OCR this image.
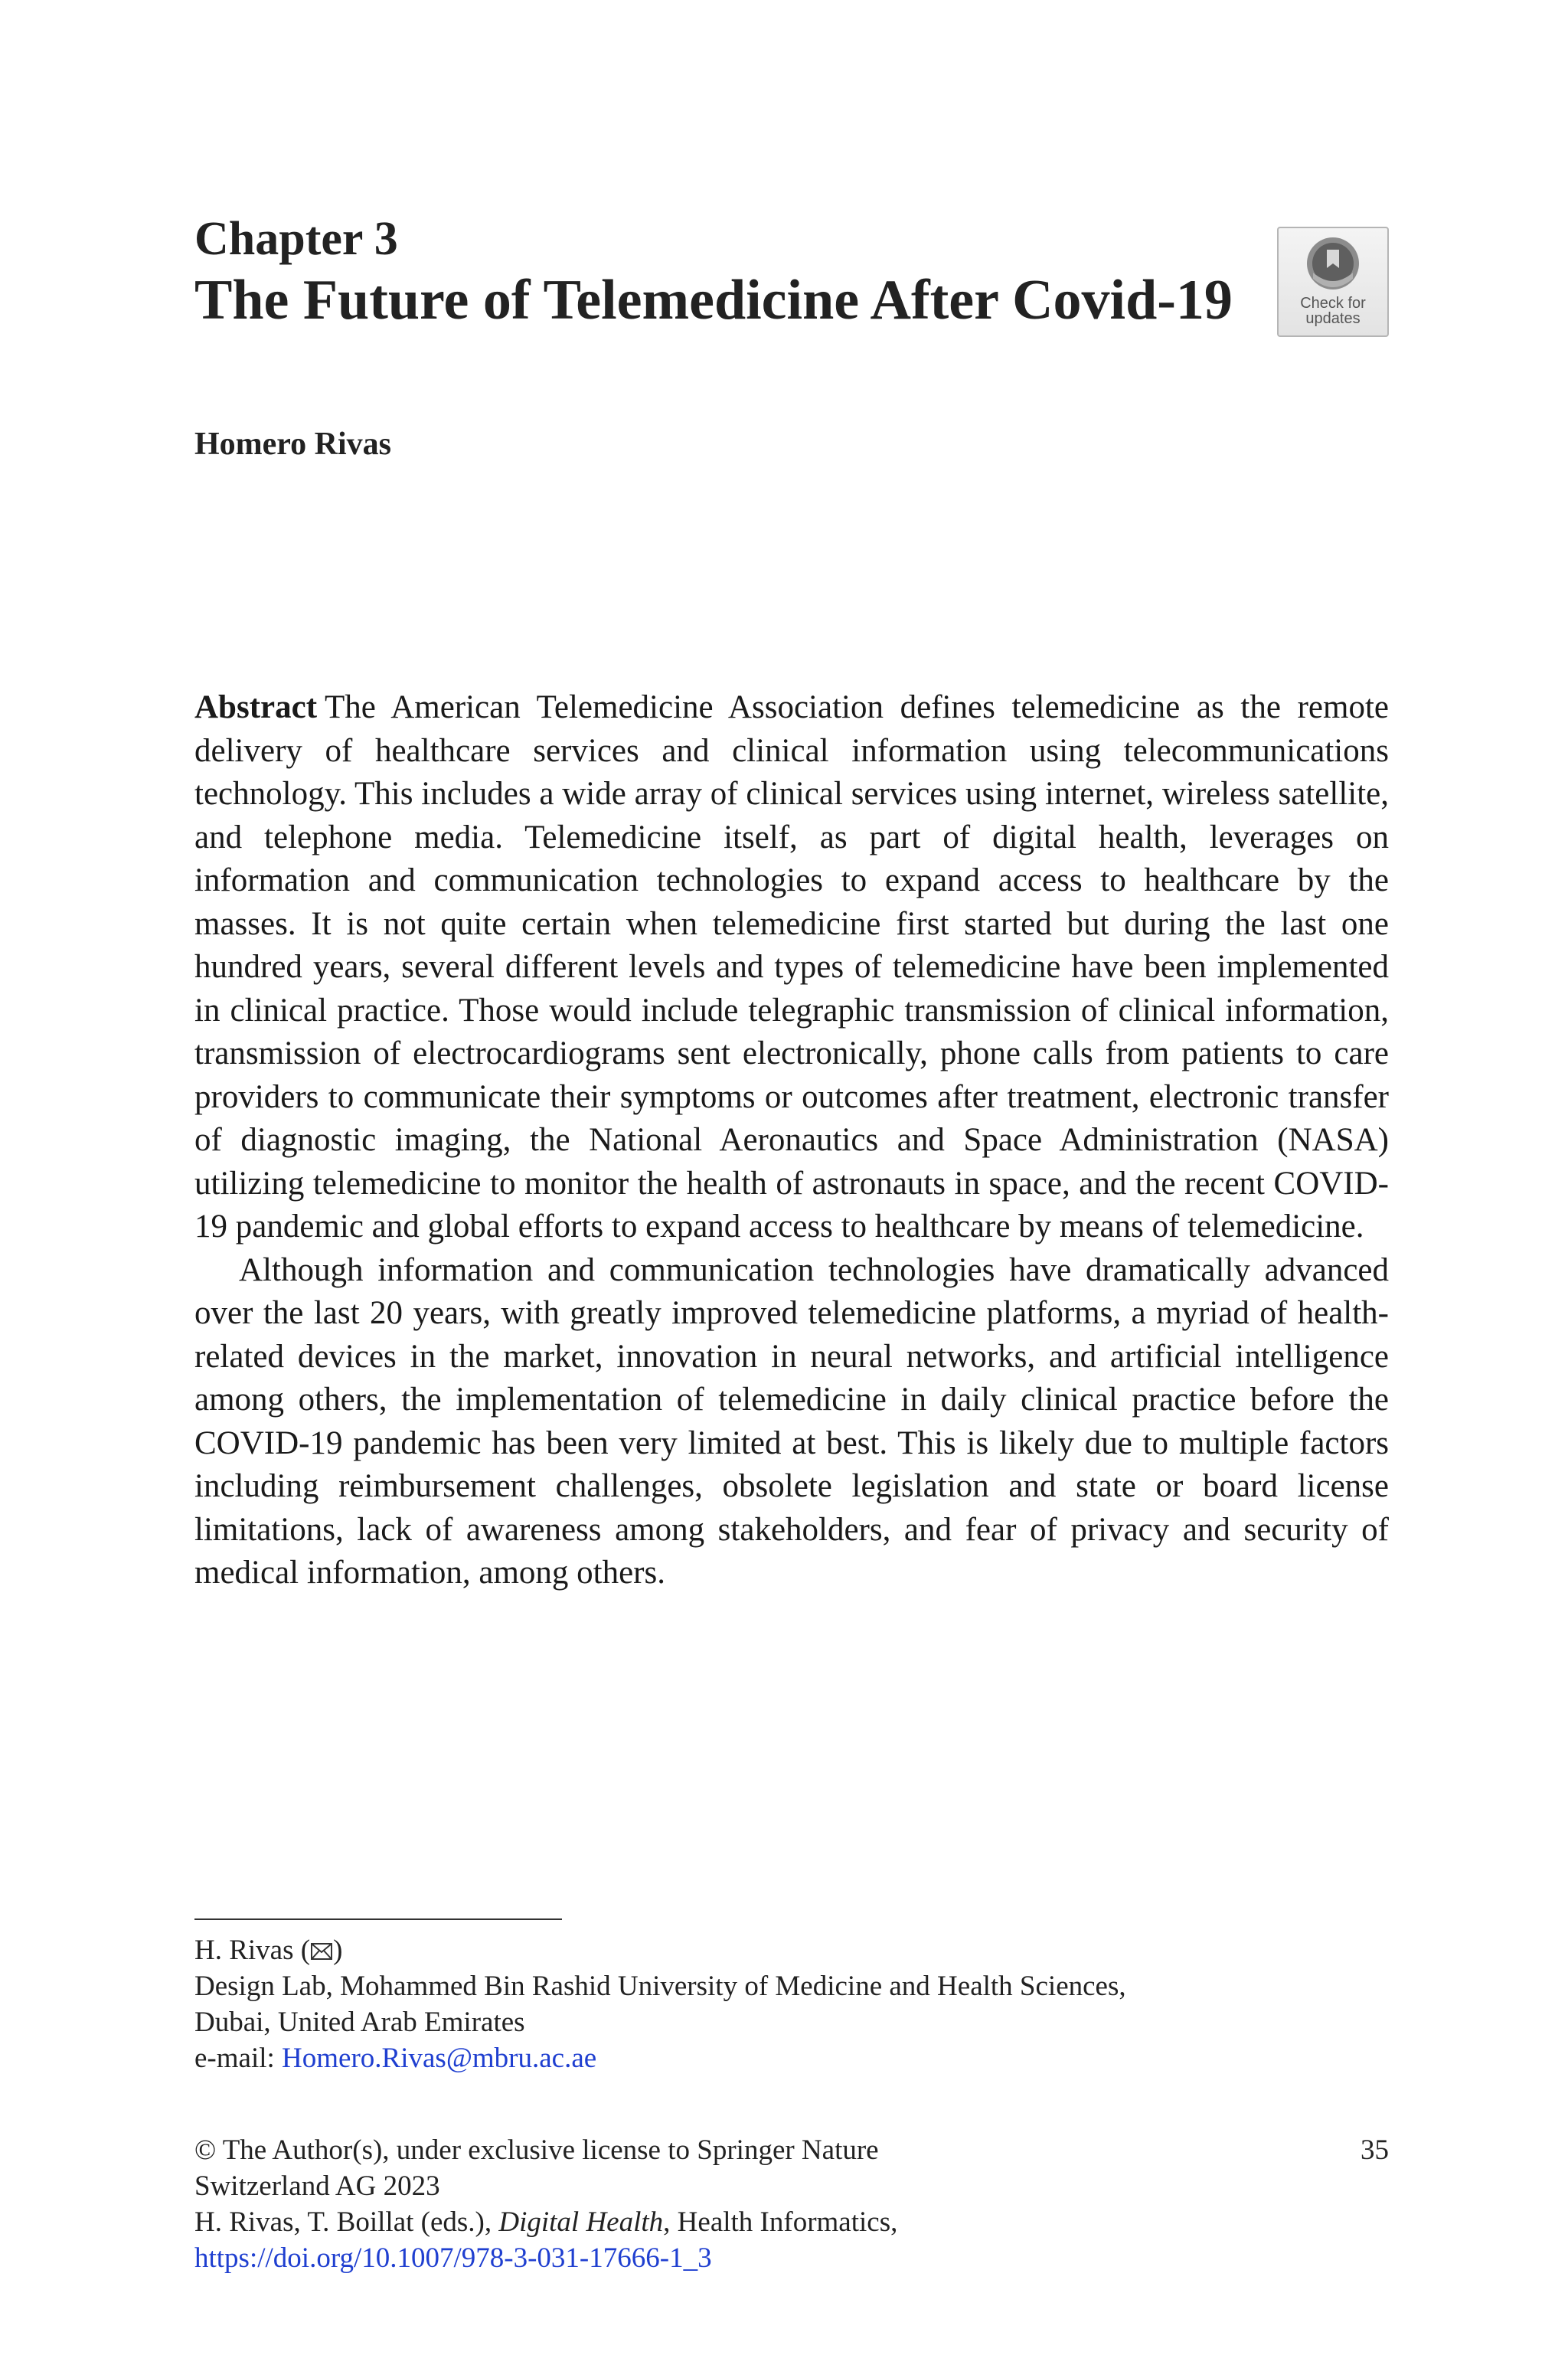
Chapter 3
The Future of Telemedicine After Covid-19	Check for
updates
Homero Rivas

Abstract The American Telemedicine Association defines telemedicine as the remote delivery of healthcare services and clinical information using telecommunications technology. This includes a wide array of clinical services using internet, wireless satellite, and telephone media. Telemedicine itself, as part of digital health, leverages on information and communication technologies to expand access to healthcare by the masses. It is not quite certain when telemedicine first started but during the last one hundred years, several different levels and types of telemedicine have been implemented in clinical practice. Those would include telegraphic transmission of clinical information, transmission of electrocardiograms sent electronically, phone calls from patients to care providers to communicate their symptoms or outcomes after treatment, electronic transfer of diagnostic imaging, the National Aeronautics and Space Administration (NASA) utilizing telemedicine to monitor the health of astronauts in space, and the recent COVID-19 pandemic and global efforts to expand access to healthcare by means of telemedicine.

Although information and communication technologies have dramatically advanced over the last 20 years, with greatly improved telemedicine platforms, a myriad of health-related devices in the market, innovation in neural networks, and artificial intelligence among others, the implementation of telemedicine in daily clinical practice before the COVID-19 pandemic has been very limited at best. This is likely due to multiple factors including reimbursement challenges, obsolete legislation and state or board license limitations, lack of awareness among stakeholders, and fear of privacy and security of medical information, among others.

H. Rivas ( )
Design Lab, Mohammed Bin Rashid University of Medicine and Health Sciences,
Dubai, United Arab Emirates
e-mail: Homero.Rivas@mbru.ac.ae
© The Author(s), under exclusive license to Springer Nature
Switzerland AG 2023
H. Rivas, T. Boillat (eds.), Digital Health, Health Informatics,
https://doi.org/10.1007/978-3-031-17666-1_3
35
